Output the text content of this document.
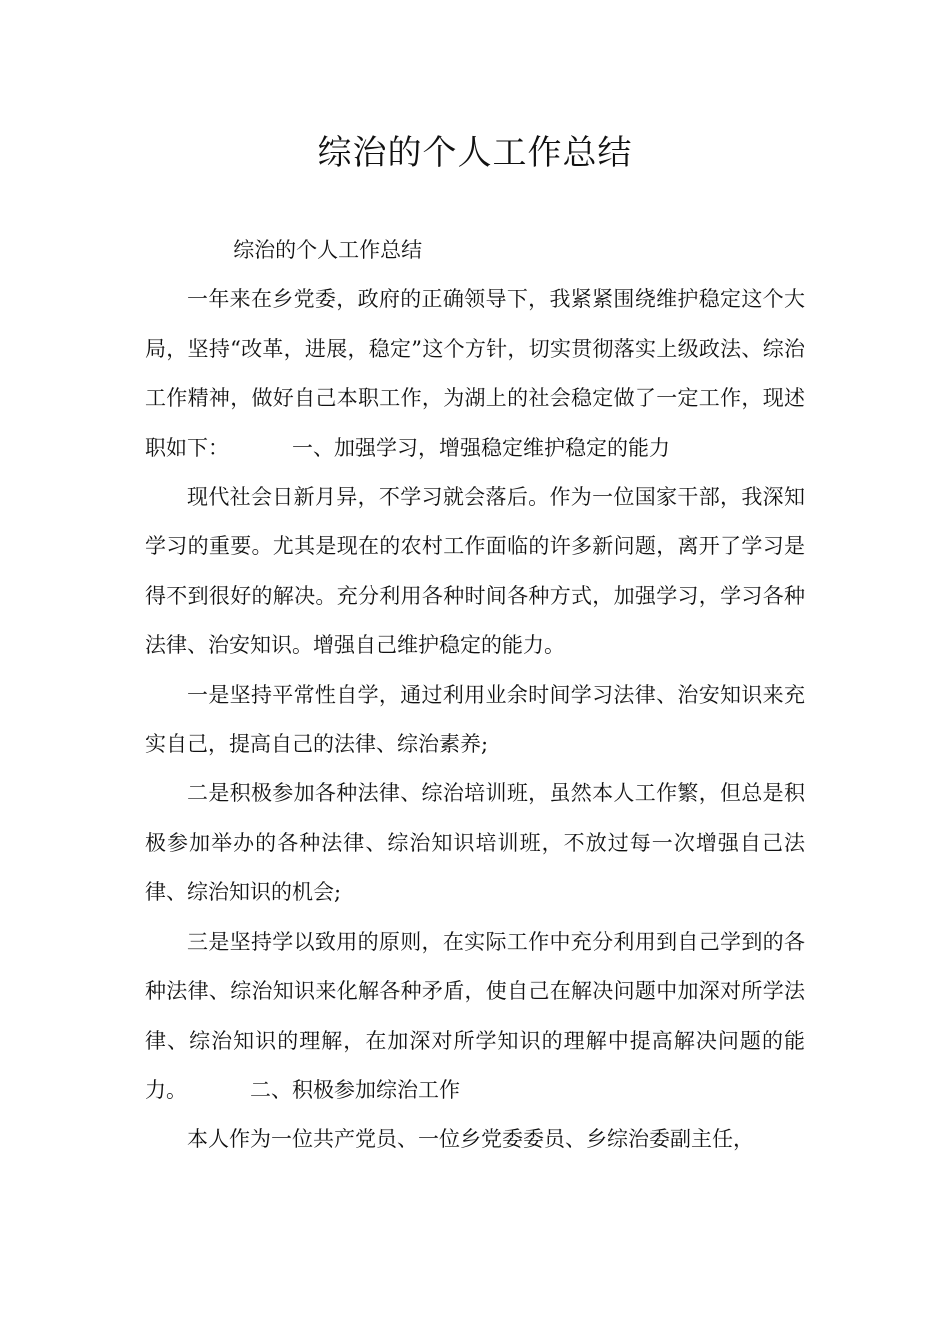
综治的个人工作总结

综治的个人工作总结

一年来在乡党委，政府的正确领导下，我紧紧围绕维护稳定这个大局，坚持“改革，进展，稳定”这个方针，切实贯彻落实上级政法、综治工作精神，做好自己本职工作，为湖上的社会稳定做了一定工作，现述职如下：	一、加强学习，增强稳定维护稳定的能力

现代社会日新月异，不学习就会落后。作为一位国家干部，我深知学习的重要。尤其是现在的农村工作面临的许多新问题，离开了学习是得不到很好的解决。充分利用各种时间各种方式，加强学习，学习各种法律、治安知识。增强自己维护稳定的能力。

一是坚持平常性自学，通过利用业余时间学习法律、治安知识来充实自己，提高自己的法律、综治素养;

二是积极参加各种法律、综治培训班，虽然本人工作繁，但总是积极参加举办的各种法律、综治知识培训班，不放过每一次增强自己法律、综治知识的机会;

三是坚持学以致用的原则，在实际工作中充分利用到自己学到的各种法律、综治知识来化解各种矛盾，使自己在解决问题中加深对所学法律、综治知识的理解，在加深对所学知识的理解中提高解决问题的能力。	二、积极参加综治工作

本人作为一位共产党员、一位乡党委委员、乡综治委副主任，
